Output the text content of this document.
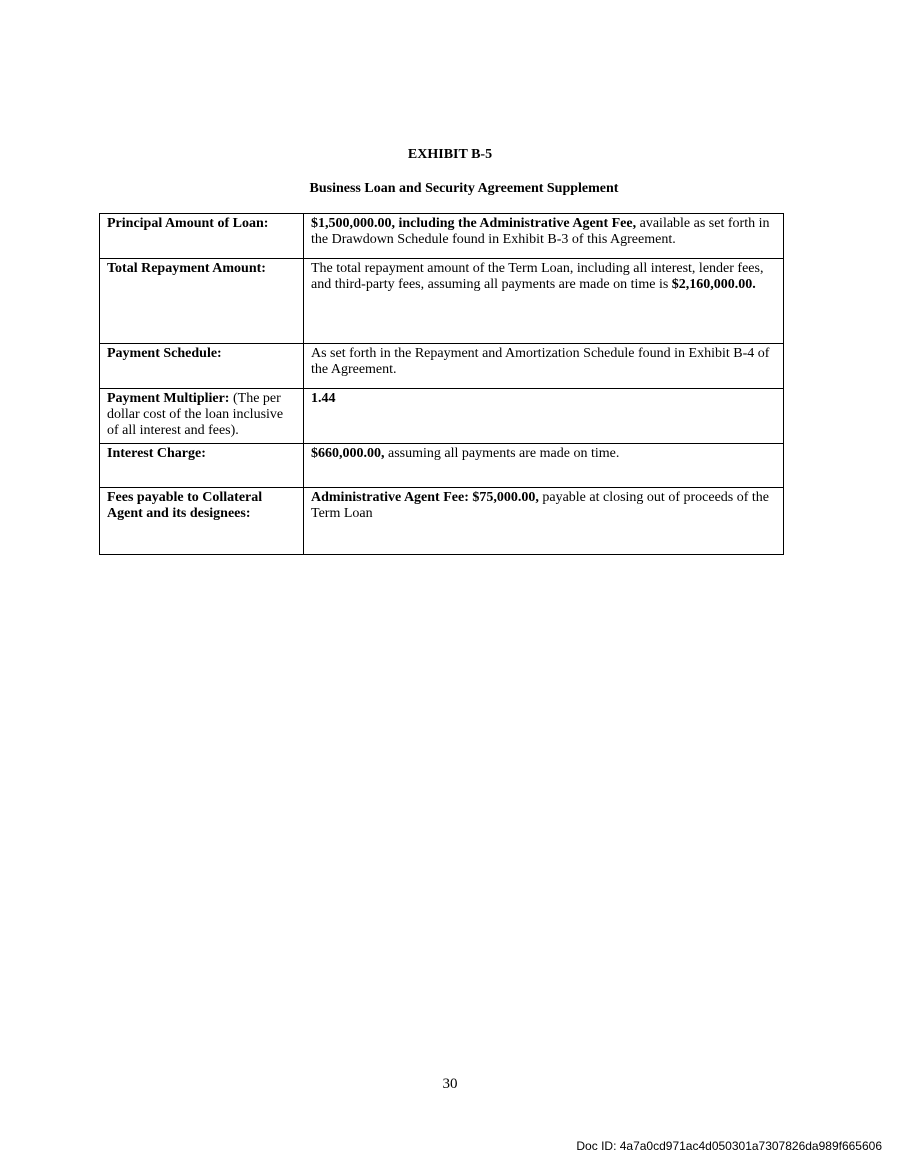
EXHIBIT B-5
Business Loan and Security Agreement Supplement
Principal Amount of Loan:	$1,500,000.00, including the Administrative Agent Fee, available as set forth in the Drawdown Schedule found in Exhibit B-3 of this Agreement.
Total Repayment Amount:	The total repayment amount of the Term Loan, including all interest, lender fees, and third-party fees, assuming all payments are made on time is $2,160,000.00.
Payment Schedule:	As set forth in the Repayment and Amortization Schedule found in Exhibit B-4 of the Agreement.
Payment Multiplier: (The per dollar cost of the loan inclusive of all interest and fees).	1.44
Interest Charge:	$660,000.00, assuming all payments are made on time.
Fees payable to Collateral Agent and its designees:	Administrative Agent Fee: $75,000.00, payable at closing out of proceeds of the Term Loan
30
Doc ID: 4a7a0cd971ac4d050301a7307826da989f665606
